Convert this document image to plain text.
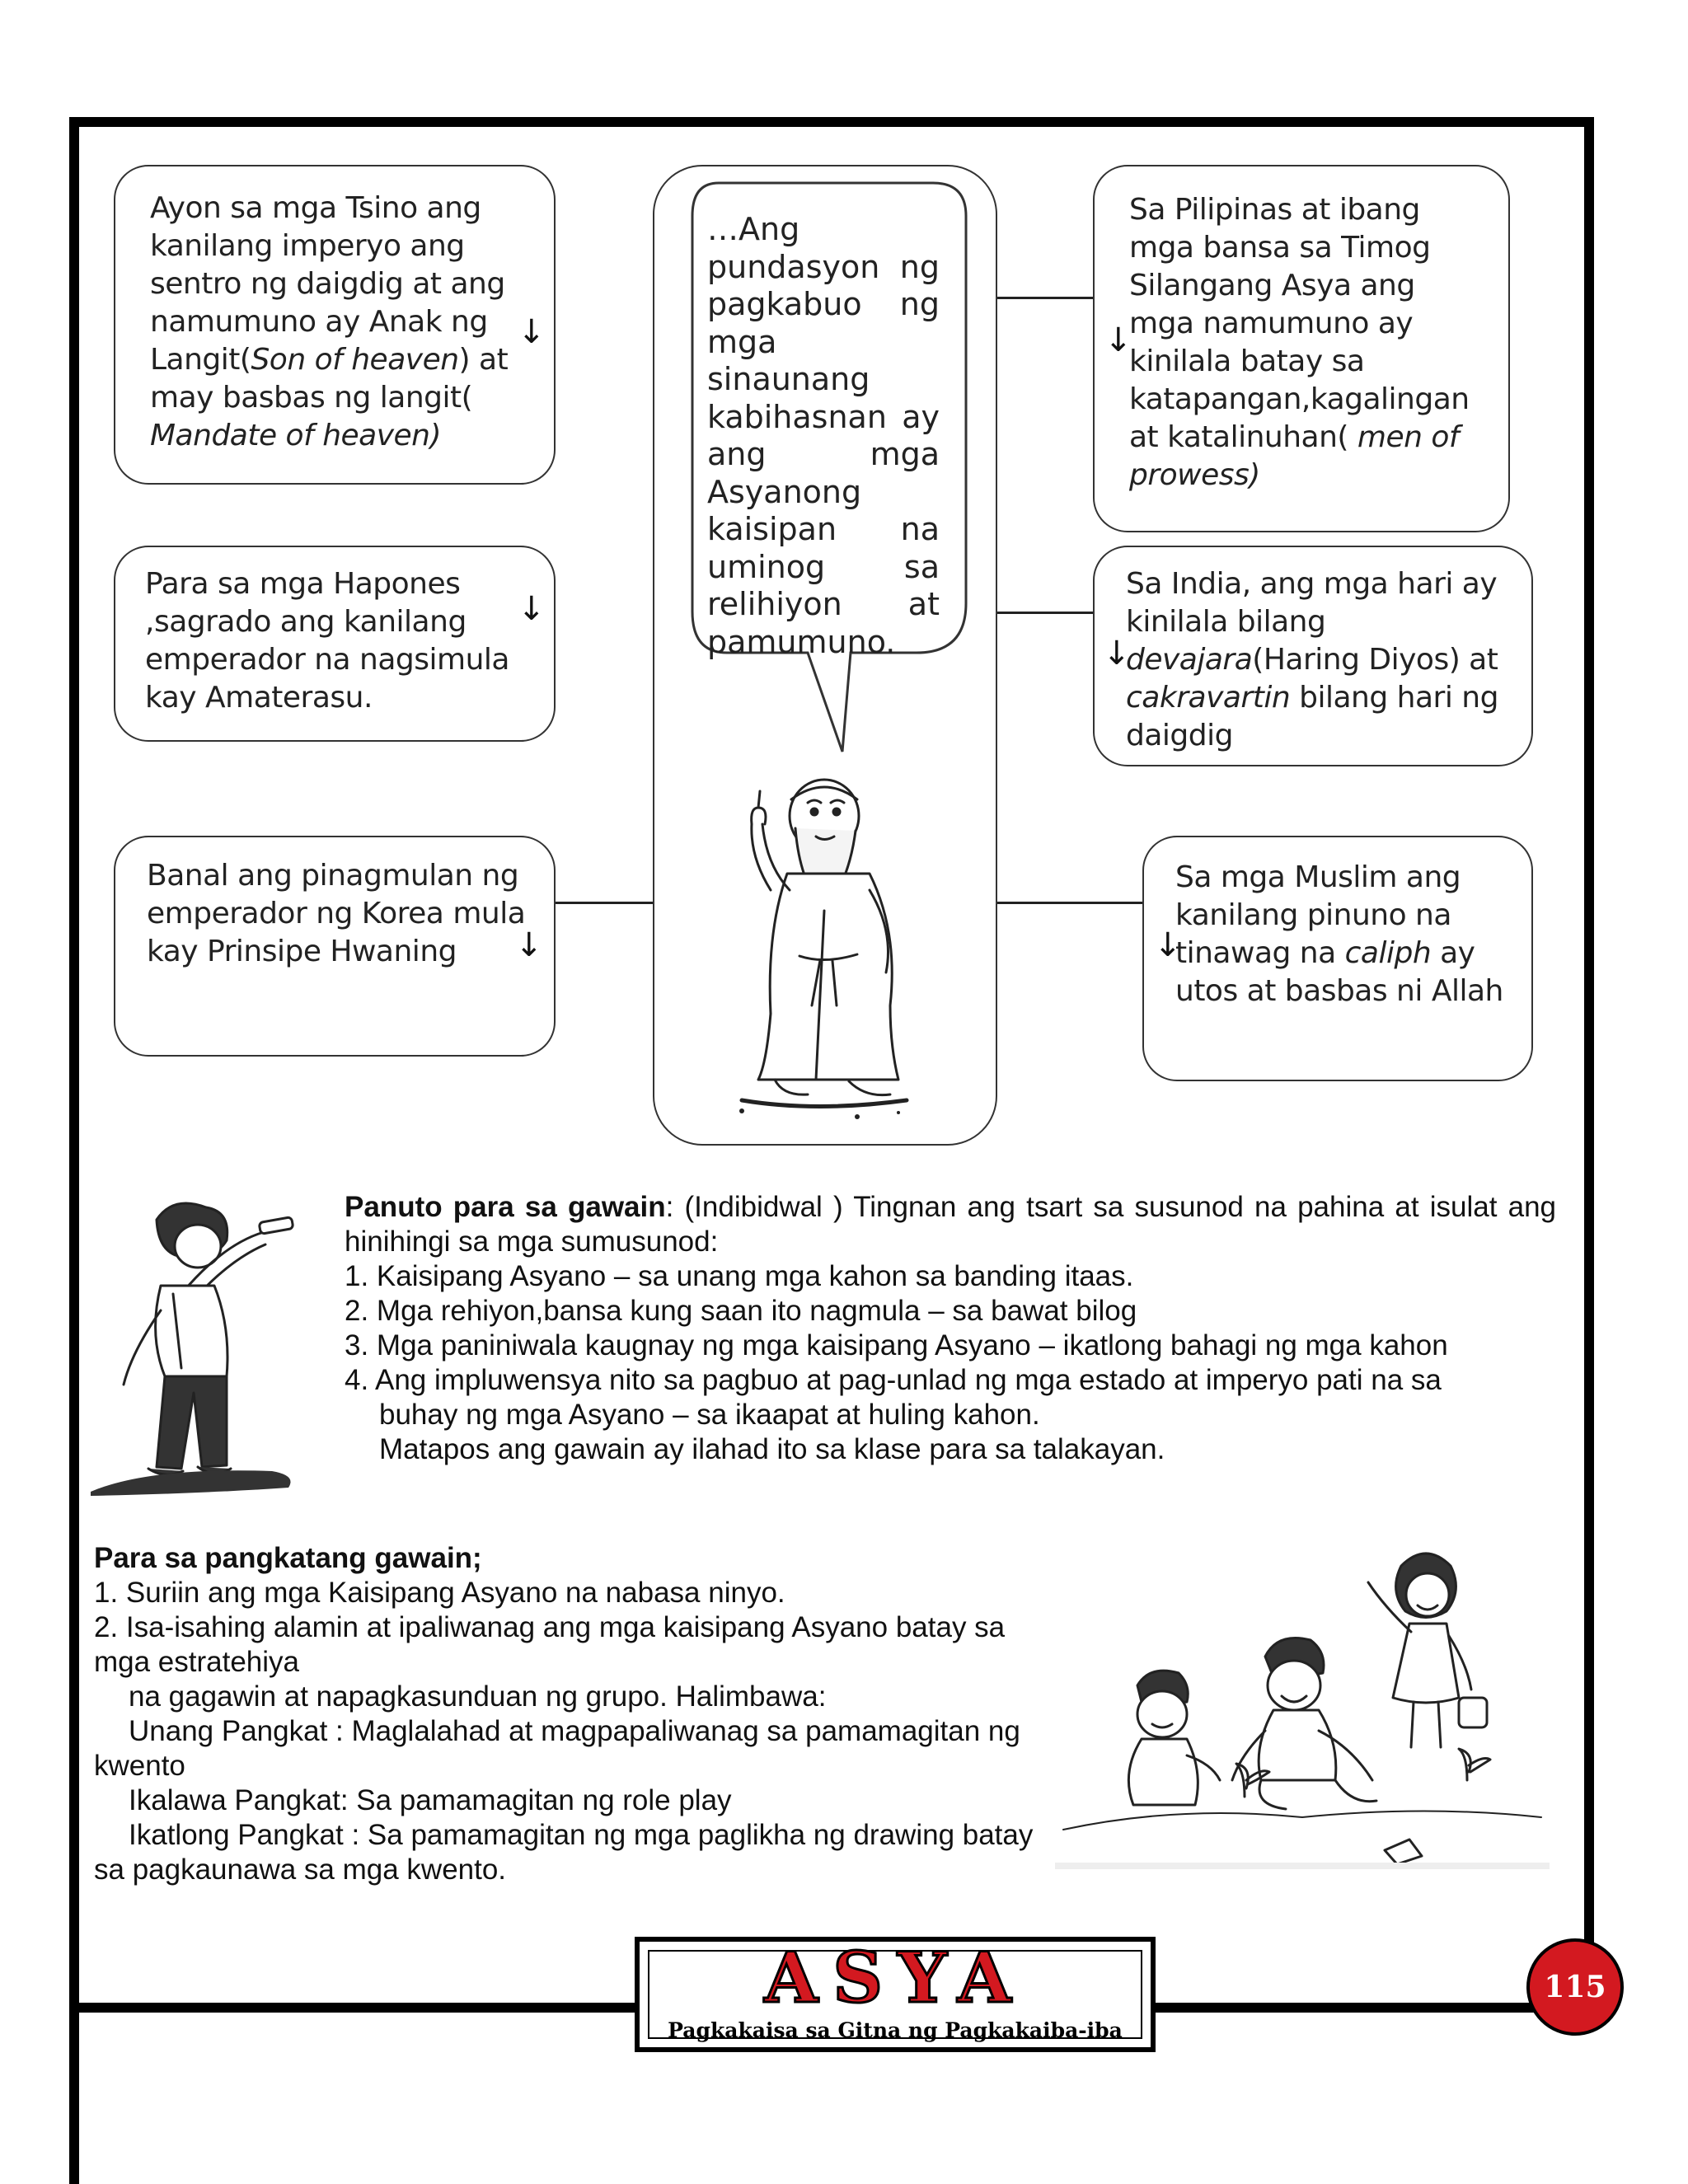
Ayon sa mga Tsino ang
kanilang imperyo ang
sentro ng daigdig at ang
namumuno ay Anak ng
Langit(Son of heaven) at
may basbas ng langit(
Mandate of heaven)
↓
Para sa mga Hapones
,sagrado ang kanilang
emperador na nagsimula
kay Amaterasu.
↓
Banal ang pinagmulan ng
emperador ng Korea mula
kay Prinsipe Hwaning	↓
Sa Pilipinas at ibang
mga bansa sa Timog
Silangang Asya ang
mga namumuno ay
kinilala batay sa
katapangan,kagalingan
at katalinuhan( men of
prowess)
↓
Sa India, ang mga hari ay
kinilala bilang
devajara(Haring Diyos) at
cakravartin bilang hari ng
daigdig
↓
Sa mga Muslim ang
kanilang pinuno na
tinawag na caliph ay
utos at basbas ni Allah
↓
…Ang
pundasyon ng
pagkabuo ng
mga sinaunang
kabihasnan ay
ang mga
Asyanong
kaisipan na
uminog sa
relihiyon at
pamumuno.
Panuto para sa gawain: (Indibidwal ) Tingnan ang tsart sa susunod na pahina at isulat ang hinihingi sa mga sumusunod:
1. Kaisipang Asyano – sa unang mga kahon sa banding itaas.
2. Mga rehiyon,bansa kung saan ito nagmula – sa bawat bilog
3. Mga paniniwala kaugnay ng mga kaisipang Asyano – ikatlong bahagi ng mga kahon
4. Ang impluwensya nito sa pagbuo at pag-unlad ng mga estado at imperyo pati na sa
buhay ng mga Asyano – sa ikaapat at huling kahon.
Matapos ang gawain ay ilahad ito sa klase para sa talakayan.
Para sa pangkatang gawain;
1. Suriin ang mga Kaisipang Asyano na nabasa ninyo.
2. Isa-isahing alamin at ipaliwanag ang mga kaisipang Asyano batay sa mga estratehiya
na gagawin at napagkasunduan ng grupo. Halimbawa:
Unang Pangkat : Maglalahad at magpapaliwanag sa pamamagitan ng kwento
Ikalawa Pangkat: Sa pamamagitan ng role play
Ikatlong Pangkat : Sa pamamagitan ng mga paglikha ng drawing batay sa pagkaunawa sa mga kwento.
ASYA
Pagkakaisa sa Gitna ng Pagkakaiba-iba
115
